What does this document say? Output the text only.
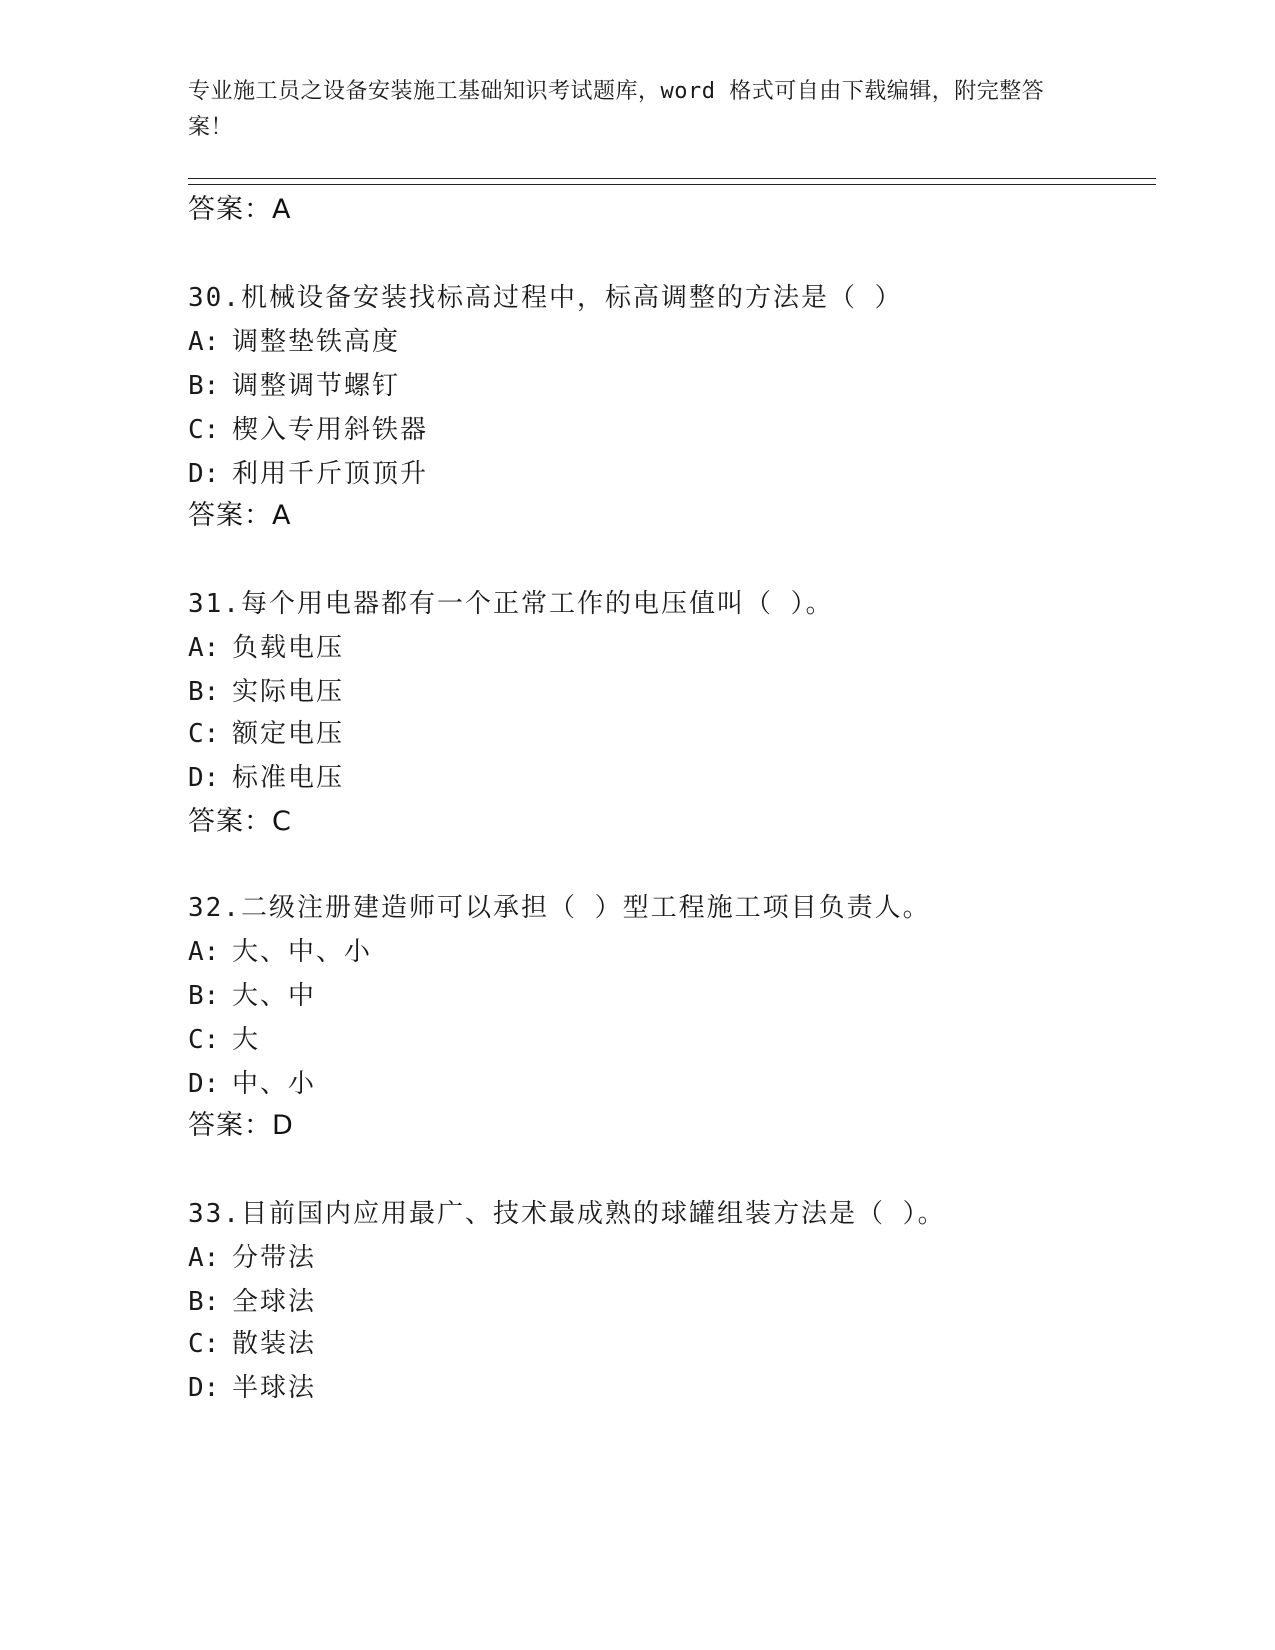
专业施工员之设备安装施工基础知识考试题库，word 格式可自由下载编辑，附完整答案！
答案：A
30.机械设备安装找标高过程中，标高调整的方法是（ ）
A: 调整垫铁高度
B: 调整调节螺钉
C: 楔入专用斜铁器
D: 利用千斤顶顶升
答案：A
31.每个用电器都有一个正常工作的电压值叫（ ）。
A: 负载电压
B: 实际电压
C: 额定电压
D: 标准电压
答案：C
32.二级注册建造师可以承担（ ）型工程施工项目负责人。
A: 大、中、小
B: 大、中
C: 大
D: 中、小
答案：D
33.目前国内应用最广、技术最成熟的球罐组装方法是（ ）。
A: 分带法
B: 全球法
C: 散装法
D: 半球法
